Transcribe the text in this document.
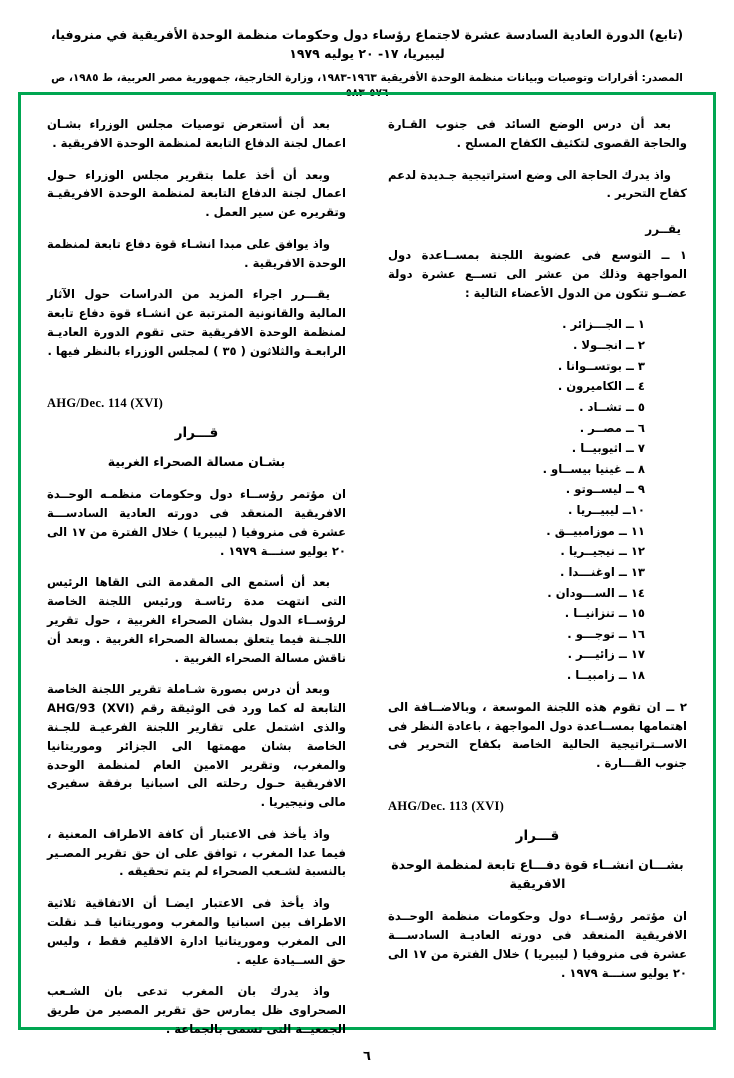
(تابع) الدورة العادية السادسة عشرة لاجتماع رؤساء دول وحكومات منظمة الوحدة الأفريقية في منروفيا، ليبيريا، ١٧- ٢٠ يوليه ١٩٧٩
المصدر: أقرارات وتوصيات وبيانات منظمة الوحدة الأفريقية ١٩٦٣-١٩٨٣، وزارة الخارجية، جمهورية مصر العربية، ط ١٩٨٥، ص ٥٧٦-٥٨٣

بعد أن درس الوضع السائد فى جنوب القـارة والحاجة القصوى لتكثيف الكفاح المسلح .

واذ يدرك الحاجة الى وضع استراتيجية جـديدة لدعم كفاح التحرير .

يقــرر

١ ــ التوسع فى عضوية اللجنة بمســاعدة دول المواجهة وذلك من عشر الى تســع عشرة دولة عضــو تتكون من الدول الأعضاء التالية :

١ ــ الجـــزائر .
٢ ــ انجــولا .
٣ ــ بوتســوانا .
٤ ــ الكاميرون .
٥ ــ تشــاد .
٦ ــ مصــر .
٧ ــ اثيوبيــا .
٨ ــ غينيا بيســاو .
٩ ــ ليســوتو .
١٠ــ ليبيــريا .
١١ ــ موزامبيــق .
١٢ ــ نيجيــريا .
١٣ ــ اوغنـــدا .
١٤ ــ الســـودان .
١٥ ــ تنزانيــا .
١٦ ــ توجـــو .
١٧ ــ زائيـــر .
١٨ ــ زامبيــا .

٢ ــ ان تقوم هذه اللجنة الموسعة ، وبالاضــافة الى اهتمامها بمســاعدة دول المواجهة ، باعادة النظر فى الاســتراتيجية الحالية الخاصة بكفاح التحرير فى جنوب القـــارة .

AHG/Dec. 113 (XVI)

قـــرار

بشـــان انشــاء قوة دفـــاع تابعة لمنظمة الوحدة الافريقية

ان مؤتمر رؤســاء دول وحكومات منظمة الوحــدة الافريقية المنعقد فى دورته العاديـة السادســـة عشرة فى منروفيا ( ليبيريا ) خلال الفترة من ١٧ الى ٢٠ يوليو سنـــة ١٩٧٩ .

بعد أن أستعرض توصيات مجلس الوزراء بشـان اعمال لجنة الدفاع التابعة لمنظمة الوحدة الافريقية .

وبعد أن أخذ علما بتقرير مجلس الوزراء حـول اعمال لجنة الدفاع التابعة لمنظمة الوحدة الافريقيـة وتقريره عن سير العمل .

واذ يوافق على مبدا انشـاء قوة دفاع تابعة لمنظمة الوحدة الافريقية .

يقـــرر اجراء المزيد من الدراسات حول الآثار المالية والقانونية المترتبة عن انشـاء قوة دفاع تابعة لمنظمة الوحدة الافريقية حتى تقوم الدورة العاديـة الرابعـة والثلاثون ( ٣٥ ) لمجلس الوزراء بالنظر فيها .

AHG/Dec. 114 (XVI)

قـــرار

بشـان مسالة الصحراء الغربية

ان مؤتمر رؤســاء دول وحكومات منظمـه الوحــدة الافريقية المنعقد فى دورته العادية السادســـة عشرة فى منروفيا ( ليبيريا ) خلال الفترة من ١٧ الى ٢٠ يوليو سنـــة ١٩٧٩ .

بعد أن أستمع الى المقدمة التى القاها الرئيس التى انتهت مدة رئاسـة ورئيس اللجنة الخاصة لرؤســاء الدول بشان الصحراء الغربية ، حول تقرير اللجـنة فيما يتعلق بمسالة الصحراء الغربية . وبعد أن ناقش مسالة الصحراء الغربية .

وبعد أن درس بصورة شـاملة تقرير اللجنة الخاصة التابعة له كما ورد فى الوثيقة رقم AHG/93 (XVI) والذى اشتمل على تقارير اللجنة الفرعيـة للجـنة الخاصة بشان مهمتها الى الجزائر وموريتانيا والمغرب، وتقرير الامين العام لمنظمة الوحدة الافريقية حـول رحلته الى اسبانيا برفقة سفيرى مالى ونيجيريا .

واذ يأخذ فى الاعتبار أن كافة الاطراف المعنية ، فيما عدا المغرب ، توافق على ان حق تقرير المصـير بالنسبة لشـعب الصحراء لم يتم تحقيقه .

واذ يأخذ فى الاعتبار ايضـا أن الاتفاقية ثلاثية الاطراف بين اسبانيا والمغرب وموريتانيا قـد نقلت الى المغرب وموريتانيا ادارة الاقليم فقط ، وليس حق الســيادة عليه .

واذ يدرك بان المغرب تدعى بان الشـعب الصحراوى ظل يمارس حق تقرير المصير من طريق الجمعيــة التى تسمى بالجماعة .

٦
